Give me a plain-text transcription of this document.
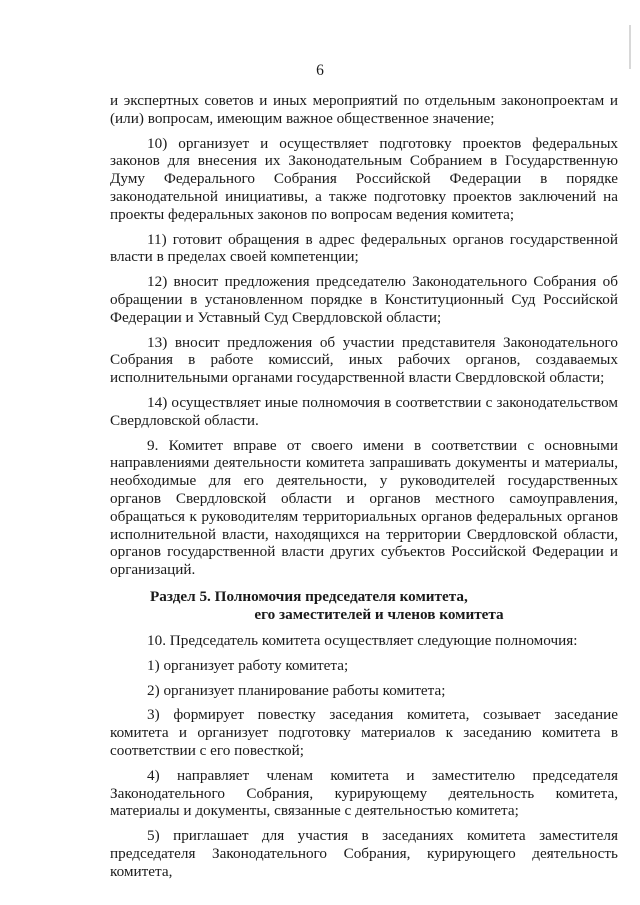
6

и экспертных советов и иных мероприятий по отдельным законопроектам и (или) вопросам, имеющим важное общественное значение;

10) организует и осуществляет подготовку проектов федеральных законов для внесения их Законодательным Собранием в Государственную Думу Федерального Собрания Российской Федерации в порядке законодательной инициативы, а также подготовку проектов заключений на проекты федеральных законов по вопросам ведения комитета;

11) готовит обращения в адрес федеральных органов государственной власти в пределах своей компетенции;

12) вносит предложения председателю Законодательного Собрания об обращении в установленном порядке в Конституционный Суд Российской Федерации и Уставный Суд Свердловской области;

13) вносит предложения об участии представителя Законодательного Собрания в работе комиссий, иных рабочих органов, создаваемых исполнительными органами государственной власти Свердловской области;

14) осуществляет иные полномочия в соответствии с законодательством Свердловской области.

9. Комитет вправе от своего имени в соответствии с основными направлениями деятельности комитета запрашивать документы и материалы, необходимые для его деятельности, у руководителей государственных органов Свердловской области и органов местного самоуправления, обращаться к руководителям территориальных органов федеральных органов исполнительной власти, находящихся на территории Свердловской области, органов государственной власти других субъектов Российской Федерации и организаций.

Раздел 5. Полномочия председателя комитета,
его заместителей и членов комитета

10. Председатель комитета осуществляет следующие полномочия:

1) организует работу комитета;

2) организует планирование работы комитета;

3) формирует повестку заседания комитета, созывает заседание комитета и организует подготовку материалов к заседанию комитета в соответствии с его повесткой;

4) направляет членам комитета и заместителю председателя Законодательного Собрания, курирующему деятельность комитета, материалы и документы, связанные с деятельностью комитета;

5) приглашает для участия в заседаниях комитета заместителя председателя Законодательного Собрания, курирующего деятельность комитета,
